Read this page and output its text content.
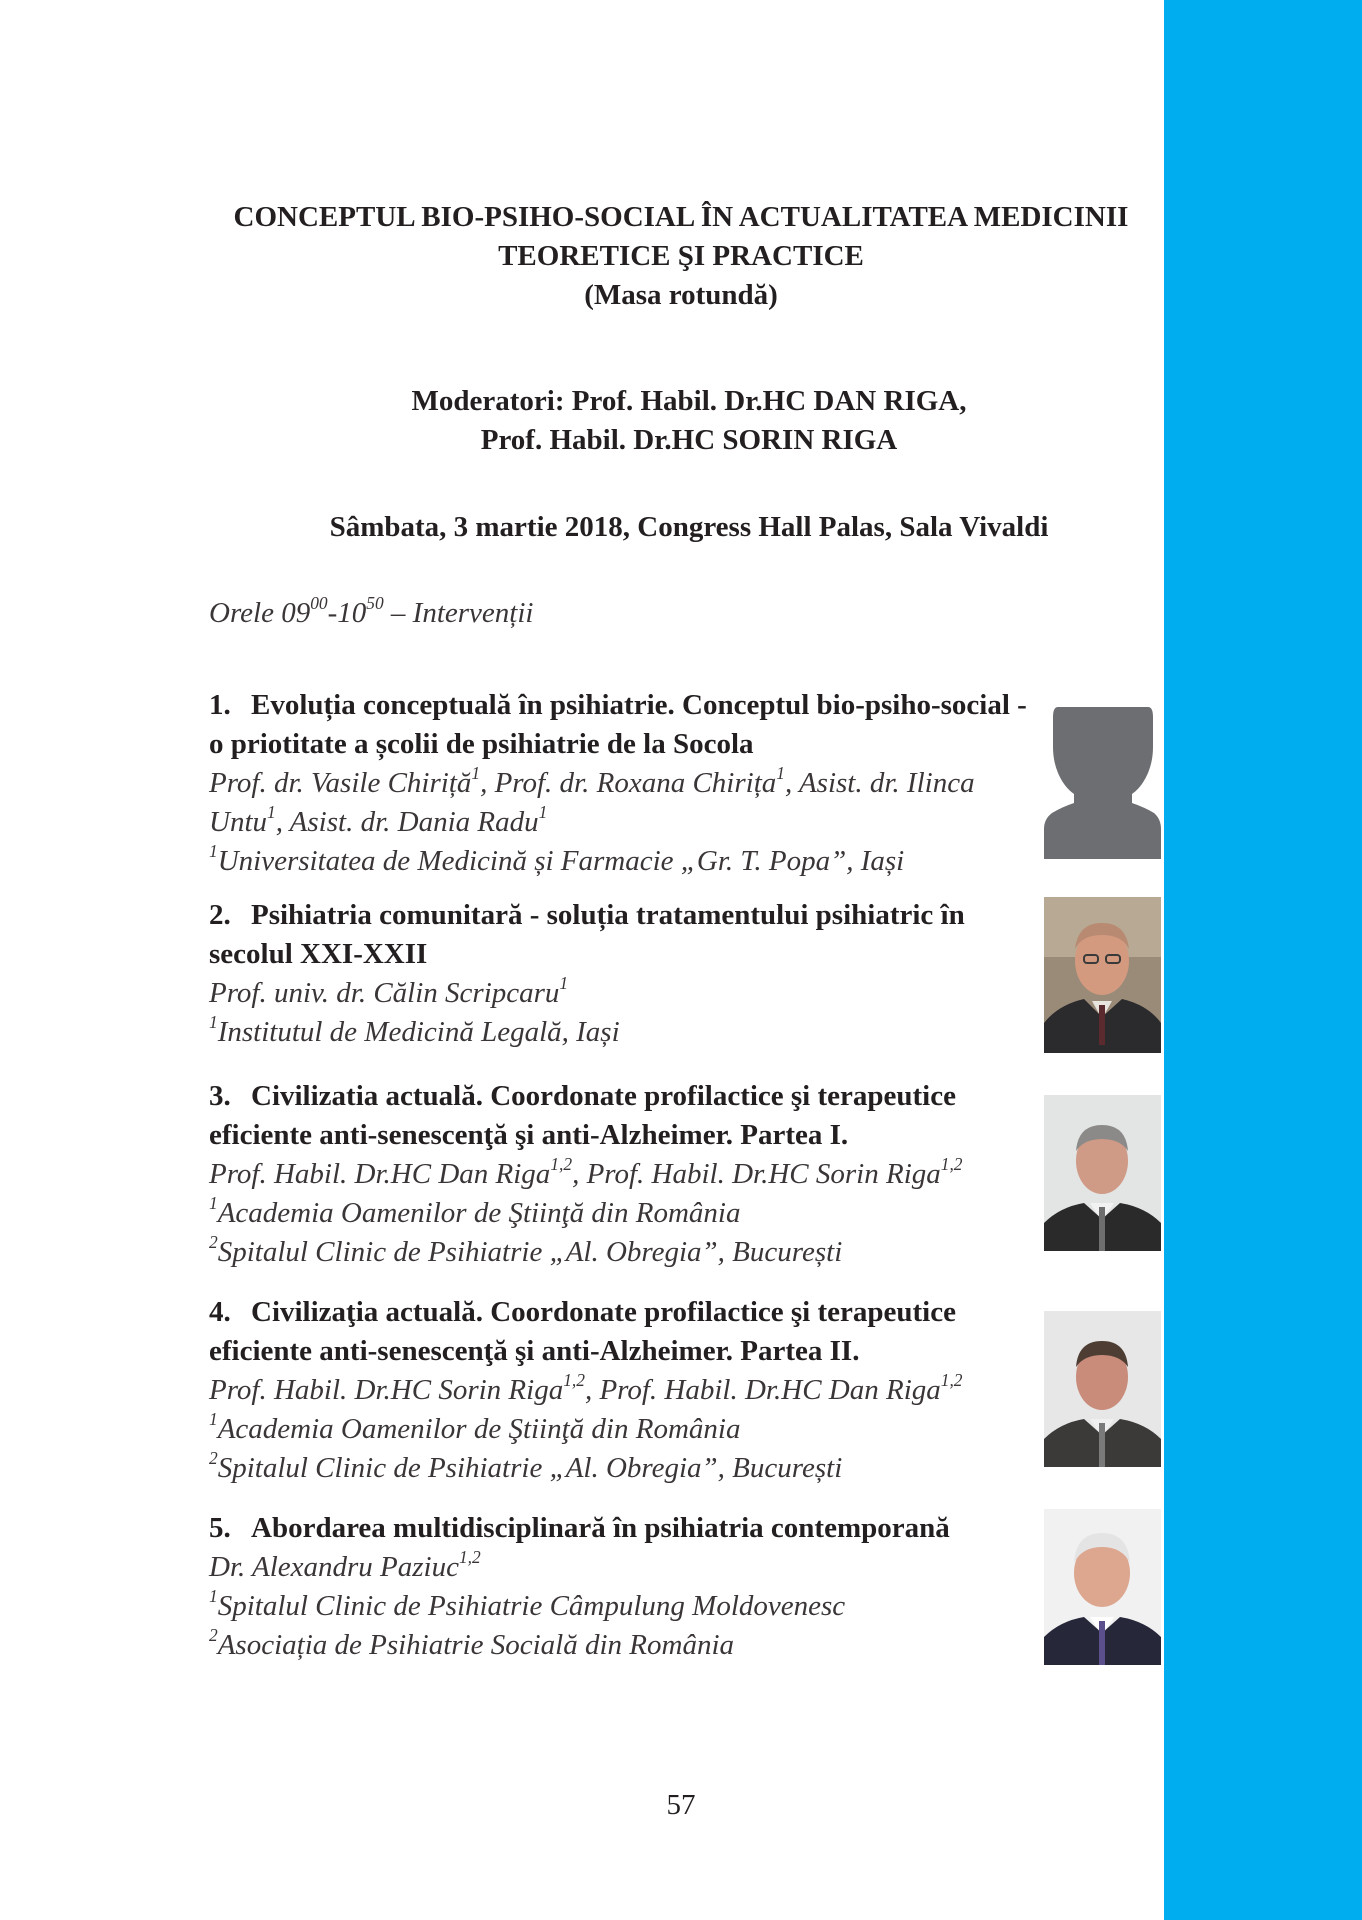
CONCEPTUL BIO-PSIHO-SOCIAL ÎN ACTUALITATEA MEDICINII
TEORETICE ŞI PRACTICE
(Masa rotundă)
Moderatori: Prof. Habil. Dr.HC DAN RIGA,
Prof. Habil. Dr.HC SORIN RIGA
Sâmbata, 3 martie 2018, Congress Hall Palas, Sala Vivaldi
Orele $09^{00}-10^{50}$ – Intervenții
1. Evoluția conceptuală în psihiatrie. Conceptul bio-psiho-social - o priotitate a școlii de psihiatrie de la Socola
Prof. dr. Vasile Chiriță$^1$, Prof. dr. Roxana Chirița$^1$, Asist. dr. Ilinca
Untu$^1$, Asist. dr. Dania Radu$^1$
$^1$Universitatea de Medicină și Farmacie „Gr. T. Popa”, Iași
2. Psihiatria comunitară - soluția tratamentului psihiatric în secolul XXI-XXII
Prof. univ. dr. Călin Scripcaru$^1$
$^1$Institutul de Medicină Legală, Iași
3. Civilizatia actuală. Coordonate profilactice şi terapeutice eficiente anti-senescenţă şi anti-Alzheimer. Partea I.
Prof. Habil. Dr.HC Dan Riga$^{1,2}$, Prof. Habil. Dr.HC Sorin Riga$^{1,2}$
$^1$Academia Oamenilor de Ştiinţă din România
$^2$Spitalul Clinic de Psihiatrie „Al. Obregia”, București
4. Civilizaţia actuală. Coordonate profilactice şi terapeutice eficiente anti-senescenţă şi anti-Alzheimer. Partea II.
Prof. Habil. Dr.HC Sorin Riga$^{1,2}$, Prof. Habil. Dr.HC Dan Riga$^{1,2}$
$^1$Academia Oamenilor de Ştiinţă din România
$^2$Spitalul Clinic de Psihiatrie „Al. Obregia”, București
5. Abordarea multidisciplinară în psihiatria contemporană
Dr. Alexandru Paziuc$^{1,2}$
$^1$Spitalul Clinic de Psihiatrie Câmpulung Moldovenesc
$^2$Asociația de Psihiatrie Socială din România
57
